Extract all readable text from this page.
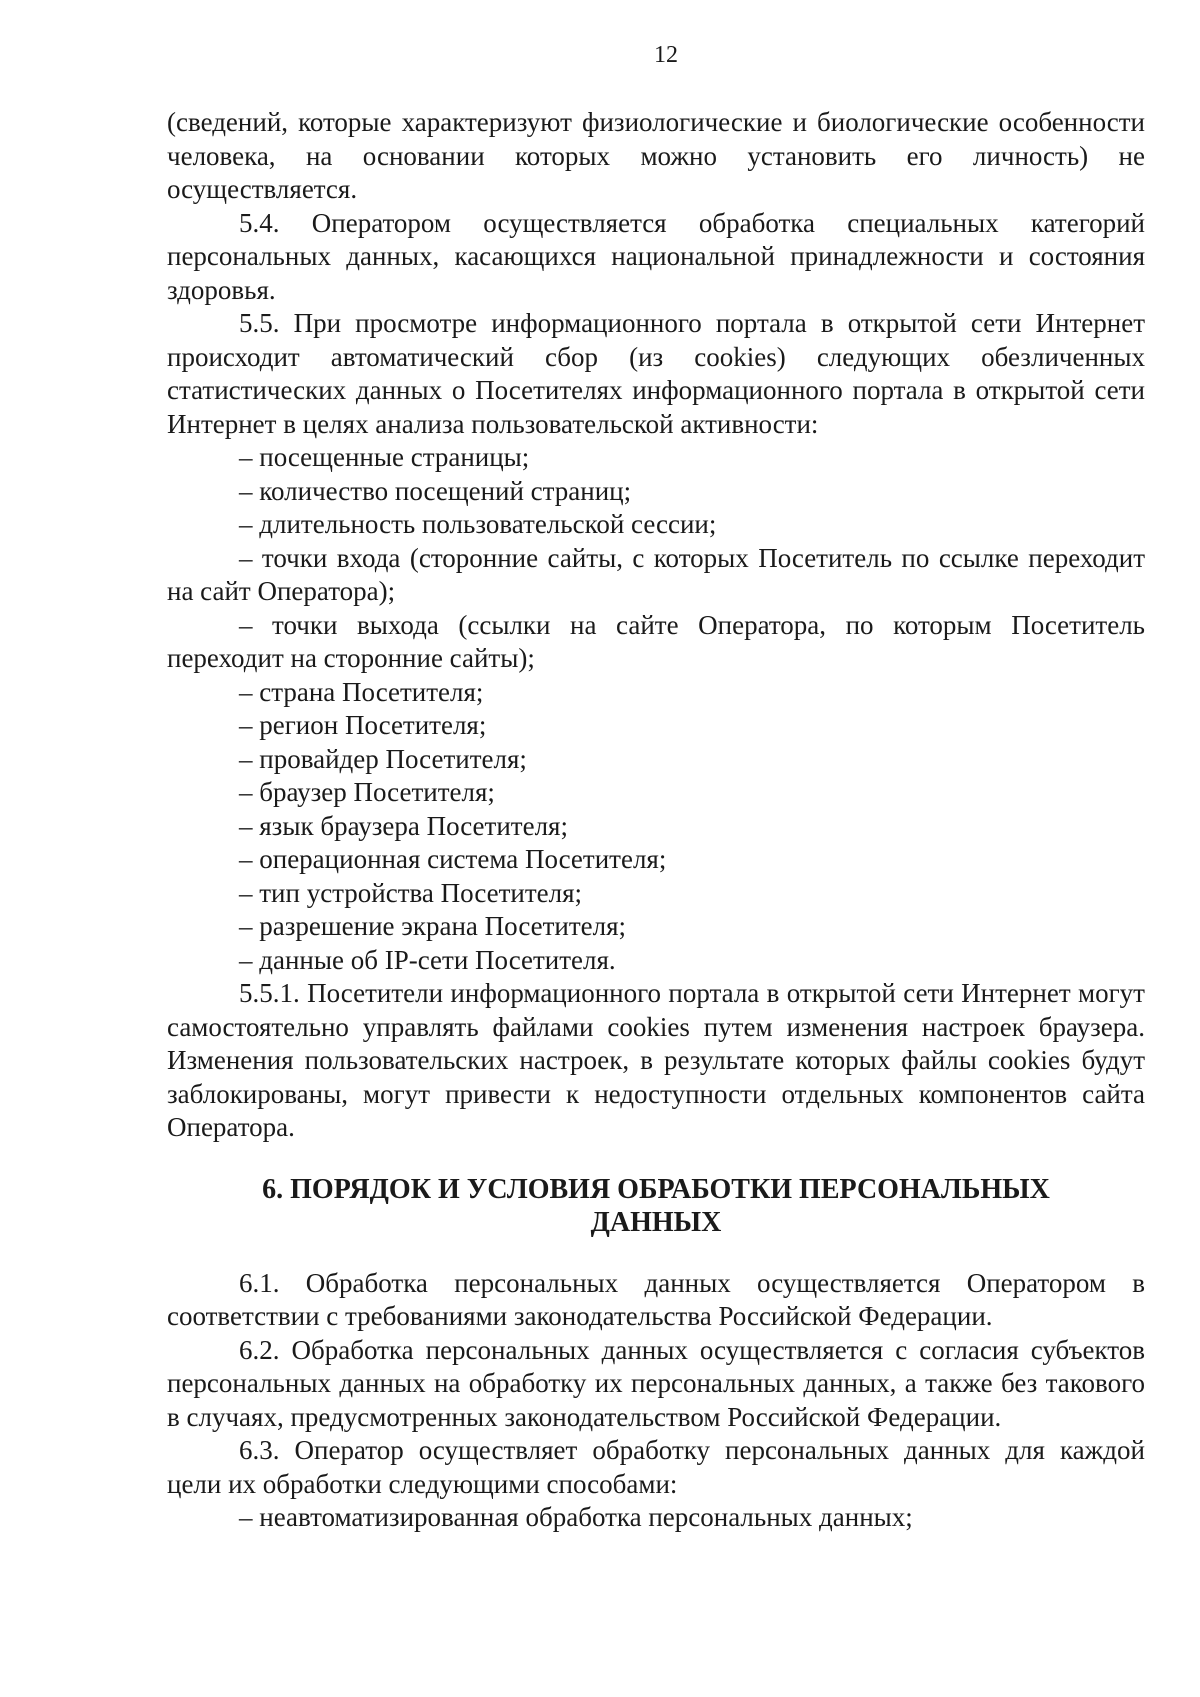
12

(сведений, которые характеризуют физиологические и биологические особенности человека, на основании которых можно установить его личность) не осуществляется.

5.4. Оператором осуществляется обработка специальных категорий персональных данных, касающихся национальной принадлежности и состояния здоровья.

5.5. При просмотре информационного портала в открытой сети Интернет происходит автоматический сбор (из cookies) следующих обезличенных статистических данных о Посетителях информационного портала в открытой сети Интернет в целях анализа пользовательской активности:

– посещенные страницы;

– количество посещений страниц;

– длительность пользовательской сессии;

– точки входа (сторонние сайты, с которых Посетитель по ссылке переходит на сайт Оператора);

– точки выхода (ссылки на сайте Оператора, по которым Посетитель переходит на сторонние сайты);

– страна Посетителя;

– регион Посетителя;

– провайдер Посетителя;

– браузер Посетителя;

– язык браузера Посетителя;

– операционная система Посетителя;

– тип устройства Посетителя;

– разрешение экрана Посетителя;

– данные об IP-сети Посетителя.

5.5.1. Посетители информационного портала в открытой сети Интернет могут самостоятельно управлять файлами cookies путем изменения настроек браузера. Изменения пользовательских настроек, в результате которых файлы cookies будут заблокированы, могут привести к недоступности отдельных компонентов сайта Оператора.

6. ПОРЯДОК И УСЛОВИЯ ОБРАБОТКИ ПЕРСОНАЛЬНЫХ ДАННЫХ

6.1. Обработка персональных данных осуществляется Оператором в соответствии с требованиями законодательства Российской Федерации.

6.2. Обработка персональных данных осуществляется с согласия субъектов персональных данных на обработку их персональных данных, а также без такового в случаях, предусмотренных законодательством Российской Федерации.

6.3. Оператор осуществляет обработку персональных данных для каждой цели их обработки следующими способами:

– неавтоматизированная обработка персональных данных;
